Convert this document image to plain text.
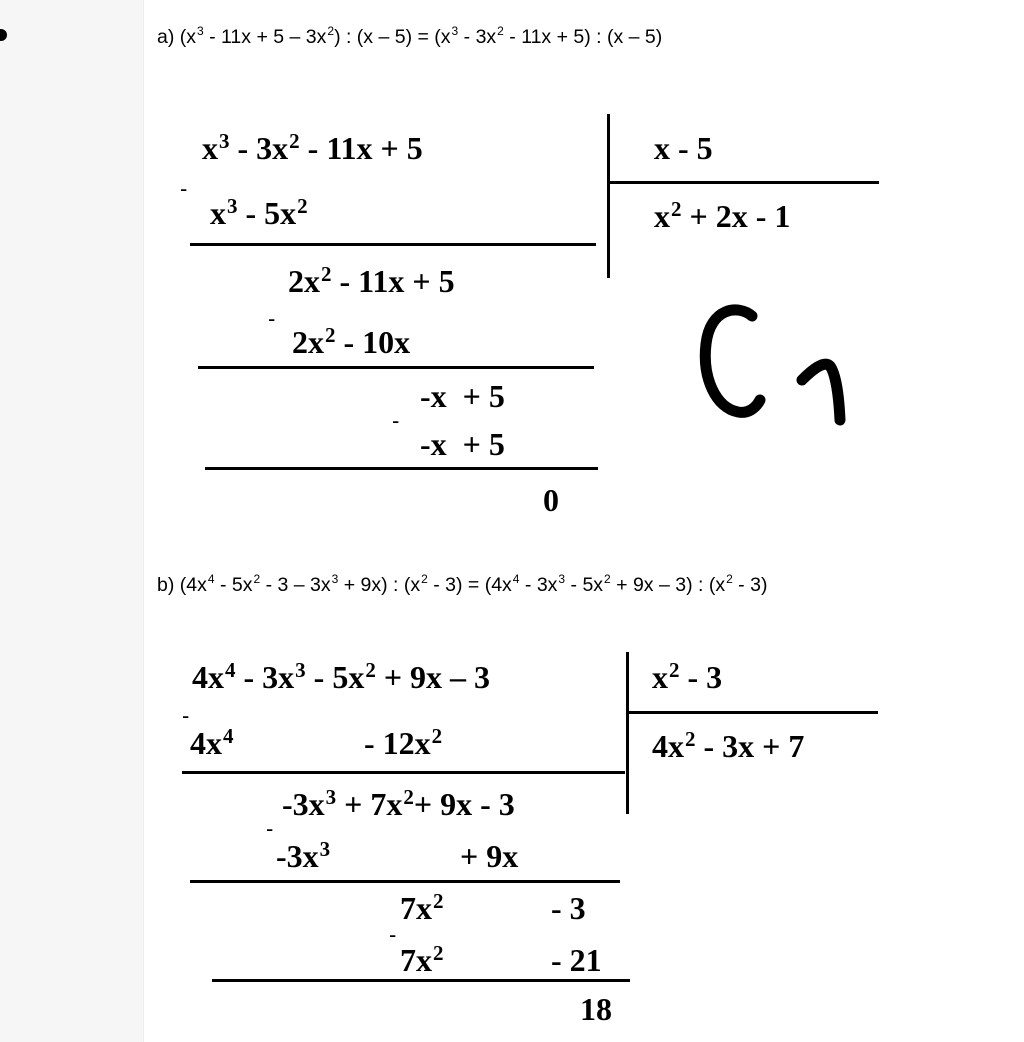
a) $(x^3 - 11x + 5 - 3x^2)$ : $(x - 5) = (x^3 - 3x^2 - 11x + 5)$ : (x – 5)
$x^3 - 3x^2 - 11x + 5$	x - 5
$x^2 + 2x - 1$
-
$x^3 - 5x^2$
$2x^2 - 11x + 5$
-
$2x^2 - 10x$
-x  + 5
-
-x  + 5
0
b) $(4x^4 - 5x^2 - 3 - 3x^3 + 9x)$ : $(x^2 - 3) = (4x^4 - 3x^3 - 5x^2 + 9x - 3)$ : $(x^2 - 3)$
$4x^4 - 3x^3 - 5x^2 + 9x - 3$	$x^2 - 3$
$4x^2 - 3x + 7$
-
$4x^4$	- $12x^2$
$-3x^3 + 7x^2+ 9x - 3$
-
$-3x^3$	+ 9x
$7x^2$	- 3
-
$7x^2$	- 21
18
